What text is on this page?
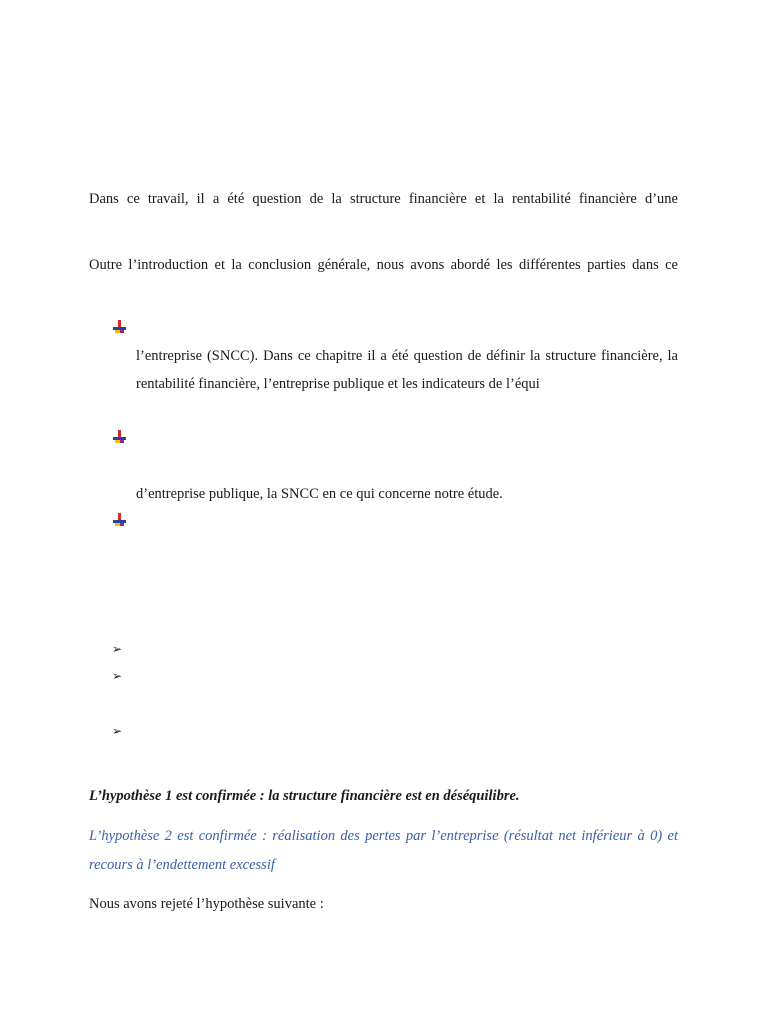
Dans ce travail, il a été question de la structure financière et la rentabilité financière d’une
Outre l’introduction et la conclusion générale, nous avons abordé les différentes parties dans ce
l’entreprise (SNCC). Dans ce chapitre il a été question de définir la structure financière, la
rentabilité financière, l’entreprise publique et les indicateurs de l’équi
d’entreprise publique, la SNCC en ce qui concerne notre étude.
➢
➢
➢
L’hypothèse 1 est confirmée : la structure financière est en déséquilibre.
L’hypothèse 2 est confirmée : réalisation des pertes par l’entreprise (résultat net inférieur à 0) et
recours à l’endettement excessif
Nous avons rejeté l’hypothèse suivante :
